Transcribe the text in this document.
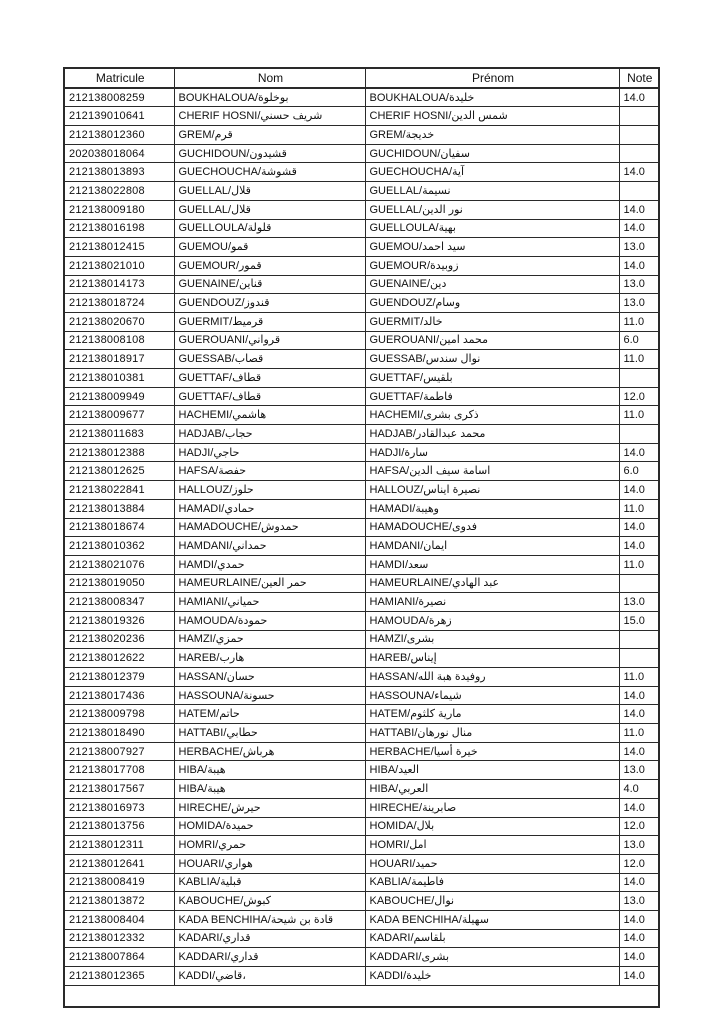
Matricule	Nom	Prénom	Note
212138008259	BOUKHALOUA/بوخلوة	BOUKHALOUA/خليدة	14.0
212139010641	CHERIF HOSNI/شريف حسني	CHERIF HOSNI/شمس الدين	
212138012360	GREM/قرم	GREM/خديجة	
202038018064	GUCHIDOUN/قشيدون	GUCHIDOUN/سفيان	
212138013893	GUECHOUCHA/قشوشة	GUECHOUCHA/آية	14.0
212138022808	GUELLAL/قلال	GUELLAL/نسيمة	
212138009180	GUELLAL/قلال	GUELLAL/نور الدين	14.0
212138016198	GUELLOULA/قلولة	GUELLOULA/بهية	14.0
212138012415	GUEMOU/قمو	GUEMOU/سيد احمد	13.0
212138021010	GUEMOUR/قمور	GUEMOUR/زوبيدة	14.0
212138014173	GUENAINE/قناين	GUENAINE/دين	13.0
212138018724	GUENDOUZ/قندوز	GUENDOUZ/وسام	13.0
212138020670	GUERMIT/قرميط	GUERMIT/خالد	11.0
212138008108	GUEROUANI/قرواني	GUEROUANI/محمد امين	6.0
212138018917	GUESSAB/قصاب	GUESSAB/نوال سندس	11.0
212138010381	GUETTAF/قطاف	GUETTAF/بلقيس	
212138009949	GUETTAF/قطاف	GUETTAF/فاطمة	12.0
212138009677	HACHEMI/هاشمي	HACHEMI/ذكرى بشرى	11.0
212138011683	HADJAB/حجاب	HADJAB/محمد عبدالقادر	
212138012388	HADJI/حاجي	HADJI/سارة	14.0
212138012625	HAFSA/حفصة	HAFSA/اسامة سيف الدين	6.0
212138022841	HALLOUZ/حلوز	HALLOUZ/نصيرة ايناس	14.0
212138013884	HAMADI/حمادي	HAMADI/وهيبة	11.0
212138018674	HAMADOUCHE/حمدوش	HAMADOUCHE/فدوى	14.0
212138010362	HAMDANI/حمداني	HAMDANI/ايمان	14.0
212138021076	HAMDI/حمدي	HAMDI/سعد	11.0
212138019050	HAMEURLAINE/حمر العين	HAMEURLAINE/عبد الهادي	
212138008347	HAMIANI/حمياني	HAMIANI/نصيرة	13.0
212138019326	HAMOUDA/حمودة	HAMOUDA/زهرة	15.0
212138020236	HAMZI/حمزي	HAMZI/بشرى	
212138012622	HAREB/هارب	HAREB/إيناس	
212138012379	HASSAN/حسان	HASSAN/روفيدة هبة الله	11.0
212138017436	HASSOUNA/حسونة	HASSOUNA/شيماء	14.0
212138009798	HATEM/حاتم	HATEM/مارية كلثوم	14.0
212138018490	HATTABI/حطابي	HATTABI/منال نورهان	11.0
212138007927	HERBACHE/هرباش	HERBACHE/خيرة أسيا	14.0
212138017708	HIBA/هيبة	HIBA/العيد	13.0
212138017567	HIBA/هيبة	HIBA/العربي	4.0
212138016973	HIRECHE/حيرش	HIRECHE/صابرينة	14.0
212138013756	HOMIDA/حميدة	HOMIDA/بلال	12.0
212138012311	HOMRI/حمري	HOMRI/امل	13.0
212138012641	HOUARI/هواري	HOUARI/حميد	12.0
212138008419	KABLIA/قبلية	KABLIA/فاطيمة	14.0
212138013872	KABOUCHE/كبوش	KABOUCHE/نوال	13.0
212138008404	KADA BENCHIHA/قادة بن شيحة	KADA BENCHIHA/سهيلة	14.0
212138012332	KADARI/قداري	KADARI/بلقاسم	14.0
212138007864	KADDARI/قداري	KADDARI/بشرى	14.0
212138012365	KADDI/قاضي،	KADDI/خليدة	14.0
